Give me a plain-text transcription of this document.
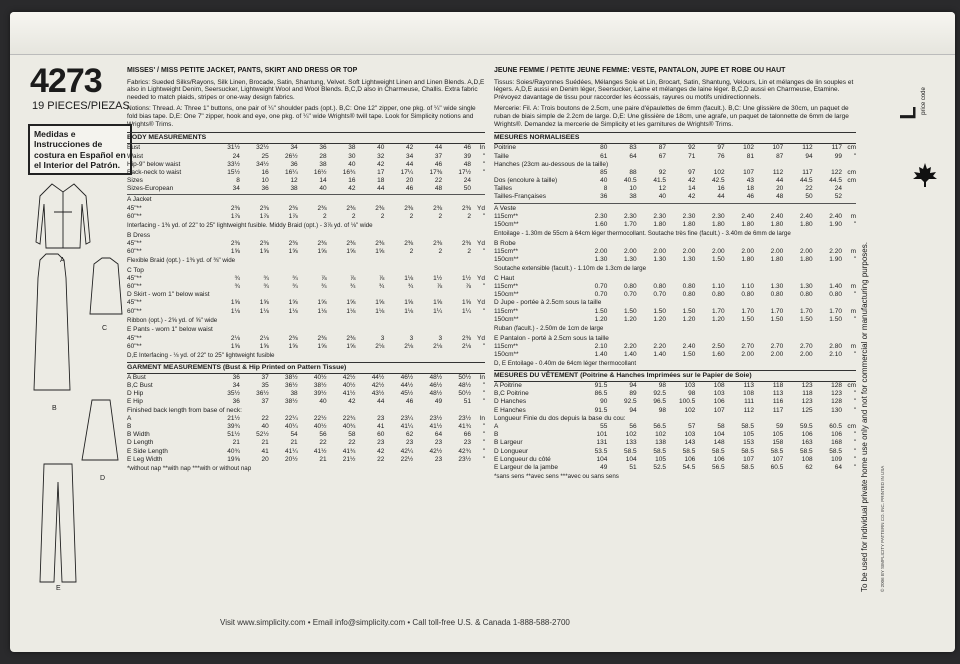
4273
19 PIECES/PIEZAS
Medidas e Instrucciones de costura en Español en el Interior del Patrón.
A
C
B
D
E
MISSES' / MISS PETITE JACKET, PANTS, SKIRT AND DRESS OR TOP
Fabrics: Sueded Silks/Rayons, Silk Linen, Brocade, Satin, Shantung, Velvet. Soft Lightweight Linen and Linen Blends. A,D,E also in Lightweight Denim, Seersucker, Lightweight Wool and Wool Blends. B,C,D also in Charmeuse, Challis. Extra fabric needed to match plaids, stripes or one-way design fabrics.
Notions: Thread. A: Three 1" buttons, one pair of ¼" shoulder pads (opt.). B,C: One 12" zipper, one pkg. of ¼" wide single fold bias tape. D,E: One 7" zipper, hook and eye, one pkg. of ¼" wide Wrights® twill tape. Look for Simplicity notions and Wrights® Trims.
BODY MEASUREMENTS
Bust	31½	32½	34	36	38	40	42	44	46	In
Waist	24	25	26½	28	30	32	34	37	39	"
Hip-9" below waist	33½	34½	36	38	40	42	44	46	48	"
Back-neck to waist	15½	16	16¼	16½	16¾	17	17¼	17⅜	17½	"
Sizes	8	10	12	14	16	18	20	22	24
Sizes-European	34	36	38	40	42	44	46	48	50
A Jacket
45"**	2⅜	2⅜	2⅜	2⅜	2⅜	2⅜	2⅜	2⅜	2⅜ Yd
60"**	1⅞	1⅞	1⅞	2	2	2	2	2	2	"
Interfacing - 1⅜ yd. of 22" to 25" lightweight fusible. Middy Braid (opt.) - 3⅞ yd. of ⅛" wide
B Dress
45"**	2⅜	2⅜	2⅜	2⅜	2⅜	2⅜	2⅜	2⅜	2⅜ Yd
60"**	1⅝	1⅝	1⅝	1⅝	1⅝	1⅝	2	2	2	"
Flexible Braid (opt.) - 1⅜ yd. of ⅜" wide
C Top
45"**	¾	¾	¾	⅞	⅞	⅞	1⅛	1½	1½ Yd
60"**	¾	¾	¾	¾	¾	¾	¾	⅞	⅞	"
D Skirt - worn 1" below waist
45"**	1⅝	1⅝	1⅝	1⅝	1⅝	1⅝	1⅝	1⅝	1⅝ Yd
60"**	1⅛	1⅛	1⅛	1⅛	1⅛	1⅛	1⅛	1¼	1¼	"
Ribbon (opt.) - 2⅝ yd. of ⅝" wide
E Pants - worn 1" below waist
45"**	2⅛	2⅛	2⅜	2⅜	2⅜	3	3	3	2⅜ Yd
60"**	1⅝	1⅝	1⅝	1⅝	1⅝	2⅛	2⅛	2⅛	2⅛	"
D,E Interfacing - ⅛ yd. of 22" to 25" lightweight fusible
GARMENT MEASUREMENTS (Bust & Hip Printed on Pattern Tissue)
A Bust	36	37	38½	40½	42½	44½	46½	48½	50½	In
B,C Bust	34	35	36½	38½	40½	42½	44½	46½	48½	"
D Hip	35½	36½	38	39½	41½	43½	45½	48½	50½	"
E Hip	36	37	38½	40	42	44	46	49	51	"
Finished back length from base of neck:
A	21½	22	22¼	22½	22¾	23	23¼	23½	23½	In
B	39¾	40	40¼	40½	40¾	41	41¼	41½	41¾	"
B Width	51½	52½	54	56	58	60	62	64	66	"
D Length	21	21	21	22	22	23	23	23	23	"
E Side Length	40¾	41	41¼	41½	41¾	42	42¼	42½	42¾	"
E Leg Width	19⅝	20	20½	21	21½	22	22½	23	23½	"
*without nap **with nap ***with or without nap
JEUNE FEMME / PETITE JEUNE FEMME: VESTE, PANTALON, JUPE ET ROBE OU HAUT
Tissus: Soies/Rayonnes Suédées, Mélanges Soie et Lin, Brocart, Satin, Shantung, Velours, Lin et mélanges de lin souples et légers. A,D,E aussi en Denim léger, Seersucker, Laine et mélanges de laine léger. B,C,D aussi en Charmeuse, Etamine. Prévoyez davantage de tissu pour raccorder les écossais, rayures ou motifs unidirectionnels.
Mercerie: Fil. A: Trois boutons de 2.5cm, une paire d'épaulettes de 6mm (facult.). B,C: Une glissière de 30cm, un paquet de ruban de biais simple de 2.2cm de large. D,E: Une glissière de 18cm, une agrafe, un paquet de talonnette de 6mm de large Wrights®. Demandez la mercerie de Simplicity et les garnitures de Wrights® Trims.
MESURES NORMALISEES
Poitrine	80	83	87	92	97	102	107	112	117 cm
Taille	61	64	67	71	76	81	87	94	99	"
Hanches (23cm au-dessous de la taille)
85	88	92	97	102	107	112	117	122 cm
Dos (encolure à taille)	40	40.5	41.5	42	42.5	43	44	44.5	44.5 cm
Tailles	8	10	12	14	16	18	20	22	24
Tailles-Françaises	36	38	40	42	44	46	48	50	52
A Veste
115cm**	2.30	2.30	2.30	2.30	2.30	2.40	2.40	2.40	2.40	m
150cm**	1.60	1.70	1.80	1.80	1.80	1.80	1.80	1.80	1.90	"
Entoilage - 1.30m de 55cm à 64cm léger thermocollant. Soutache très fine (facult.) - 3.40m de 6mm de large
B Robe
115cm**	2.00	2.00	2.00	2.00	2.00	2.00	2.00	2.00	2.20	m
150cm**	1.30	1.30	1.30	1.30	1.50	1.80	1.80	1.80	1.90	"
Soutache extensible (facult.) - 1.10m de 1.3cm de large
C Haut
115cm**	0.70	0.80	0.80	0.80	1.10	1.10	1.30	1.30	1.40	m
150cm**	0.70	0.70	0.70	0.80	0.80	0.80	0.80	0.80	0.80	"
D Jupe - portée à 2.5cm sous la taille
115cm**	1.50	1.50	1.50	1.50	1.70	1.70	1.70	1.70	1.70	m
150cm**	1.20	1.20	1.20	1.20	1.20	1.50	1.50	1.50	1.50	"
Ruban (facult.) - 2.50m de 1cm de large
E Pantalon - porté à 2.5cm sous la taille
115cm**	2.10	2.20	2.20	2.40	2.50	2.70	2.70	2.70	2.80	m
150cm**	1.40	1.40	1.40	1.50	1.60	2.00	2.00	2.00	2.10	"
D, E Entoilage - 0.40m de 64cm léger thermocollant
MESURES DU VÊTEMENT (Poitrine & Hanches Imprimées sur le Papier de Soie)
A Poitrine	91.5	94	98	103	108	113	118	123	128 cm
B,C Poitrine	86.5	89	92.5	98	103	108	113	118	123	"
D Hanches	90	92.5	96.5	100.5	106	111	116	123	128	"
E Hanches	91.5	94	98	102	107	112	117	125	130	"
Longueur Finie du dos depuis la base du cou:
A	55	56	56.5	57	58	58.5	59	59.5	60.5 cm
B	101	102	102	103	104	105	105	106	106	"
B Largeur	131	133	138	143	148	153	158	163	168	"
D Longueur	53.5	58.5	58.5	58.5	58.5	58.5	58.5	58.5	58.5	"
E Longueur du côté	104	104	105	106	106	107	107	108	109	"
E Largeur de la jambe	49	51	52.5	54.5	56.5	58.5	60.5	62	64	"
*sans sens **avec sens ***avec ou sans sens
Visit www.simplicity.com • Email info@simplicity.com • Call toll-free U.S. & Canada 1-888-588-2700
price code
L
To be used for individual private home use only and not for commercial or manufacturing purposes. © 2006 BY SIMPLICITY PATTERN CO. INC. PRINTED IN USA
